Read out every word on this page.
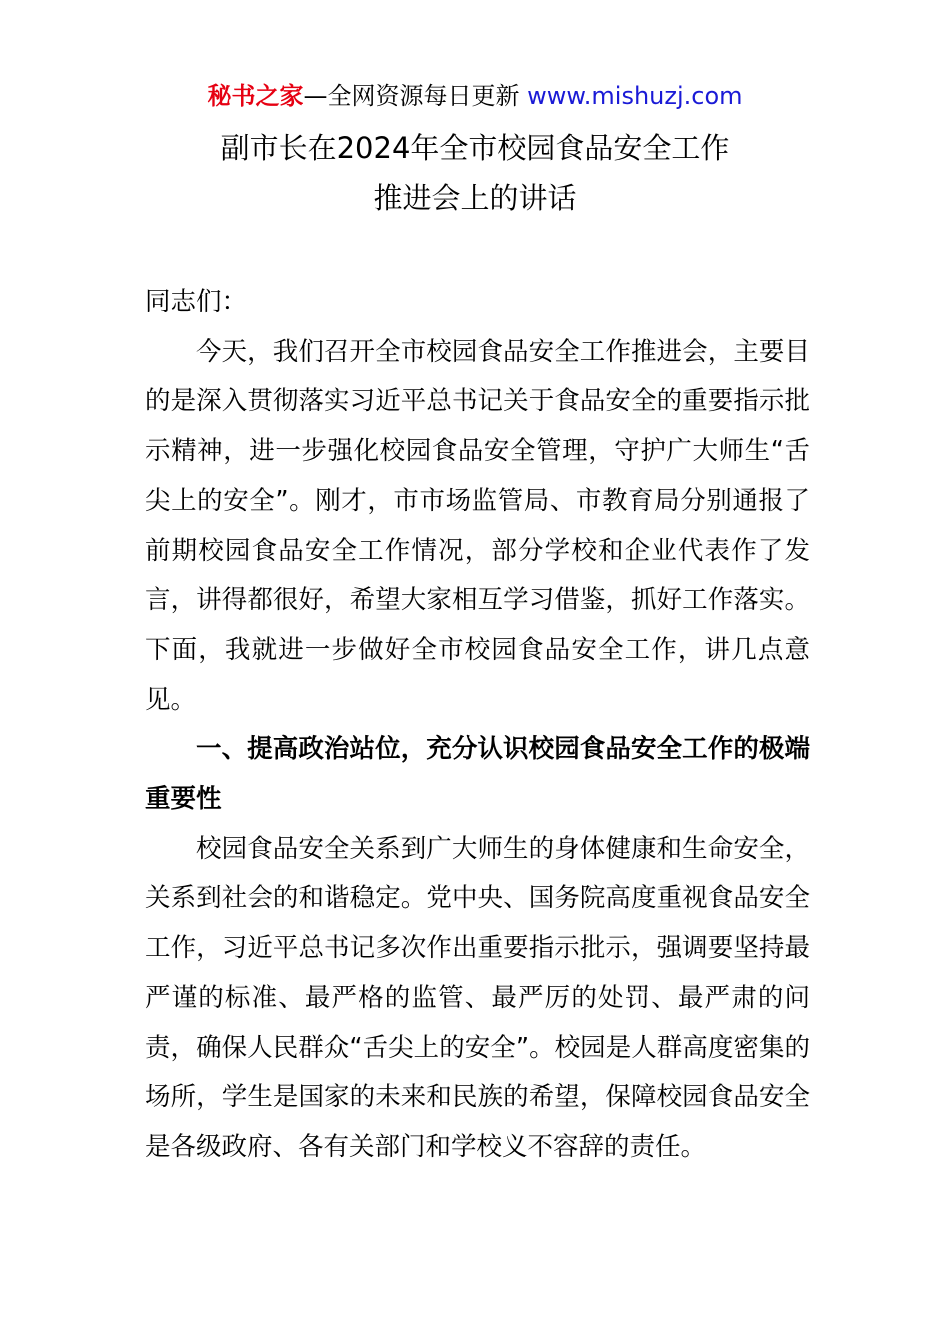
秘书之家—全网资源每日更新 www.mishuzj.com
副市长在2024年全市校园食品安全工作
推进会上的讲话

同志们：

今天，我们召开全市校园食品安全工作推进会，主要目的是深入贯彻落实习近平总书记关于食品安全的重要指示批示精神，进一步强化校园食品安全管理，守护广大师生“舌尖上的安全”。刚才，市市场监管局、市教育局分别通报了前期校园食品安全工作情况，部分学校和企业代表作了发言，讲得都很好，希望大家相互学习借鉴，抓好工作落实。下面，我就进一步做好全市校园食品安全工作，讲几点意见。

一、提高政治站位，充分认识校园食品安全工作的极端重要性

校园食品安全关系到广大师生的身体健康和生命安全，关系到社会的和谐稳定。党中央、国务院高度重视食品安全工作，习近平总书记多次作出重要指示批示，强调要坚持最严谨的标准、最严格的监管、最严厉的处罚、最严肃的问责，确保人民群众“舌尖上的安全”。校园是人群高度密集的场所，学生是国家的未来和民族的希望，保障校园食品安全是各级政府、各有关部门和学校义不容辞的责任。
